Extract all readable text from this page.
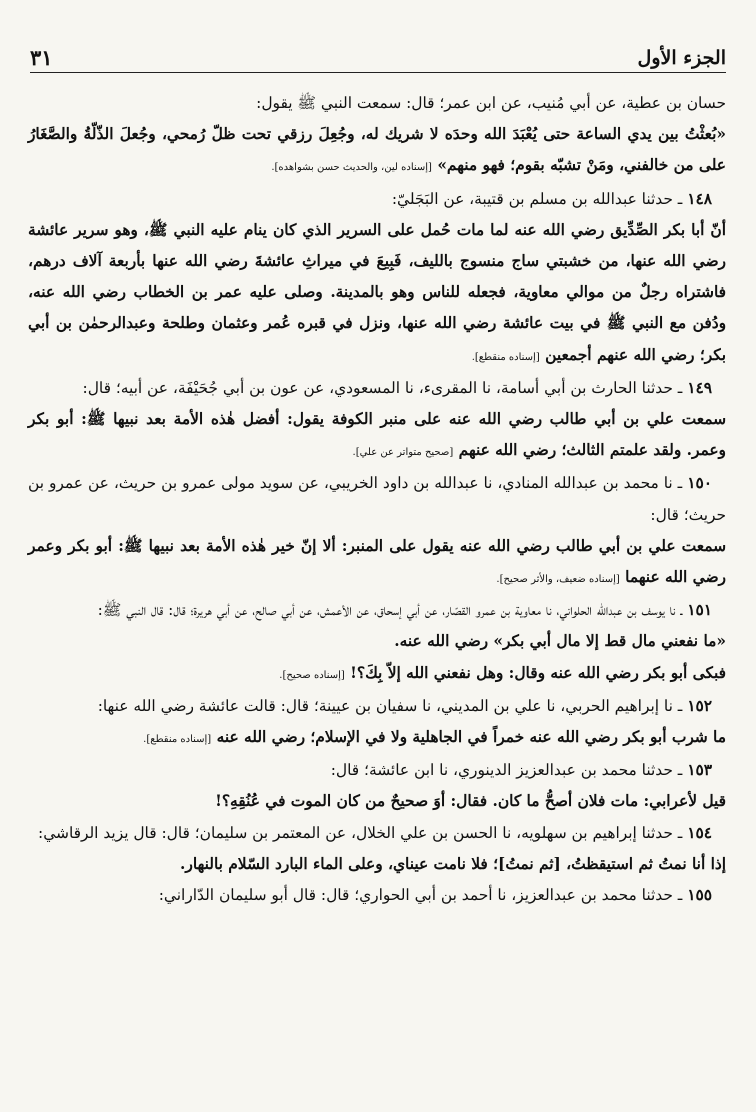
الجزء الأول
٣١

حسان بن عطية، عن أبي مُنيب، عن ابن عمر؛ قال: سمعت النبي ﷺ يقول:

«بُعثْتُ بين يدي الساعة حتى يُعْبَدَ الله وحدَه لا شريك له، وجُعِلَ رزقي تحت ظلّ رُمحي، وجُعلَ الذّلّةُ والصَّغَارُ على من خالفني، ومَنْ تشبّه بقوم؛ فهو منهم» [إسناده لين، والحديث حسن بشواهده].

١٤٨ ـ حدثنا عبدالله بن مسلم بن قتيبة، عن البَجَليّ:

أنّ أبا بكر الصِّدِّيق رضي الله عنه لما مات حُمل على السرير الذي كان ينام عليه النبي ﷺ، وهو سرير عائشة رضي الله عنها، من خشبتي ساج منسوج بالليف، فَبِيعَ في ميراثِ عائشةَ رضي الله عنها بأربعة آلاف درهم، فاشتراه رجلٌ من موالي معاوية، فجعله للناس وهو بالمدينة. وصلى عليه عمر بن الخطاب رضي الله عنه، ودُفن مع النبي ﷺ في بيت عائشة رضي الله عنها، ونزل في قبره عُمر وعثمان وطلحة وعبدالرحمٰن بن أبي بكر؛ رضي الله عنهم أجمعين [إسناده منقطع].

١٤٩ ـ حدثنا الحارث بن أبي أسامة، نا المقرىء، نا المسعودي، عن عون بن أبي جُحَيْفَة، عن أبيه؛ قال:

سمعت علي بن أبي طالب رضي الله عنه على منبر الكوفة يقول: أفضل هٰذه الأمة بعد نبيها ﷺ: أبو بكر وعمر. ولقد علمتم الثالث؛ رضي الله عنهم [صحيح متواتر عن علي].

١٥٠ ـ نا محمد بن عبدالله المنادي، نا عبدالله بن داود الخريبي، عن سويد مولى عمرو بن حريث، عن عمرو بن حريث؛ قال:

سمعت علي بن أبي طالب رضي الله عنه يقول على المنبر: ألا إنّ خير هٰذه الأمة بعد نبيها ﷺ: أبو بكر وعمر رضي الله عنهما [إسناده ضعيف، والأثر صحيح].

١٥١ ـ نا يوسف بن عبدالله الحلواني، نا معاوية بن عمرو القصّار، عن أبي إسحاق، عن الأعمش، عن أبي صالح، عن أبي هريرة؛ قال: قال النبي ﷺ:

«ما نفعني مال قط إلا مال أبي بكر» رضي الله عنه.

فبكى أبو بكر رضي الله عنه وقال: وهل نفعني الله إلاّ بِكَ؟! [إسناده صحيح].

١٥٢ ـ نا إبراهيم الحربي، نا علي بن المديني، نا سفيان بن عيينة؛ قال: قالت عائشة رضي الله عنها:

ما شرب أبو بكر رضي الله عنه خمراً في الجاهلية ولا في الإسلام؛ رضي الله عنه [إسناده منقطع].

١٥٣ ـ حدثنا محمد بن عبدالعزيز الدينوري، نا ابن عائشة؛ قال:

قيل لأعرابي: مات فلان أصحُّ ما كان. فقال: أوَ صحيحٌ من كان الموت في عُنُقِهِ؟!

١٥٤ ـ حدثنا إبراهيم بن سهلويه، نا الحسن بن علي الخلال، عن المعتمر بن سليمان؛ قال: قال يزيد الرقاشي:

إذا أنا نمتُ ثم استيقظتُ، [ثم نمتُ]؛ فلا نامت عيناي، وعلى الماء البارد السّلام بالنهار.

١٥٥ ـ حدثنا محمد بن عبدالعزيز، نا أحمد بن أبي الحواري؛ قال: قال أبو سليمان الدّاراني:
